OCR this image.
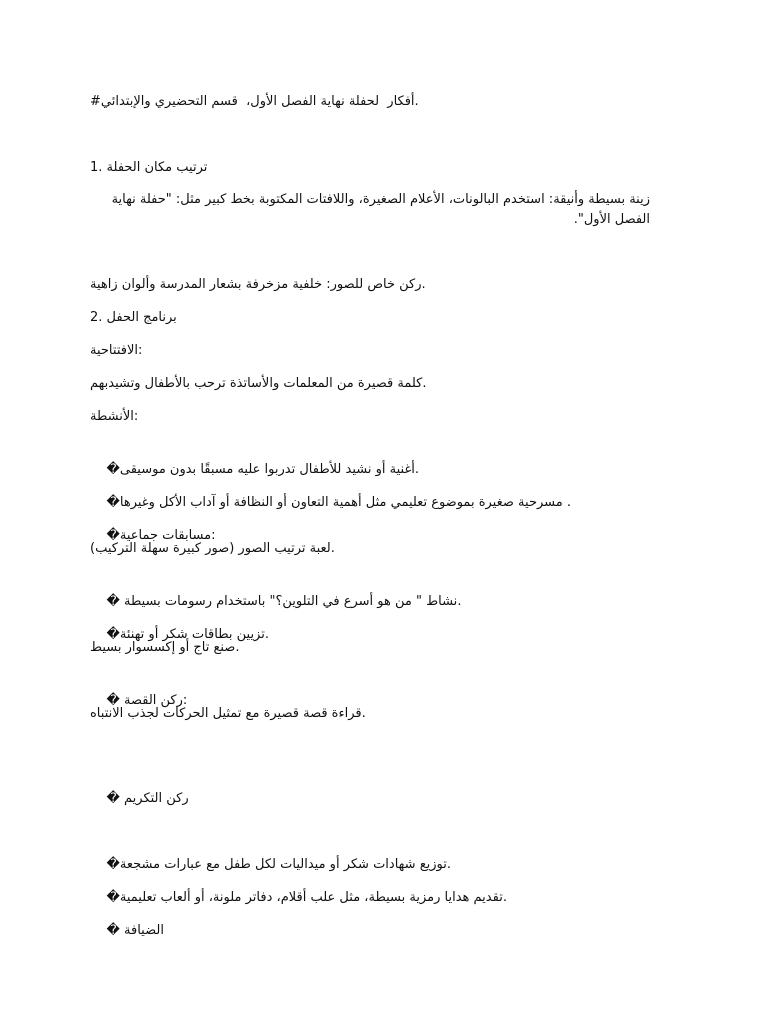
#أفكار  لحفلة نهاية الفصل الأول،  قسم التحضيري والإبتدائي.
1. ترتيب مكان الحفلة
زينة بسيطة وأنيقة: استخدم البالونات، الأعلام الصغيرة، واللافتات المكتوبة بخط كبير مثل: "حفلة نهاية الفصل الأول".
ركن خاص للصور: خلفية مزخرفة بشعار المدرسة وألوان زاهية.
2. برنامج الحفل
الافتتاحية:
كلمة قصيرة من المعلمات والأساتذة ترحب بالأطفال وتشيدبهم.
الأنشطة:

�أغنية أو نشيد للأطفال تدربوا عليه مسبقًا بدون موسيقى.

�مسرحية صغيرة بموضوع تعليمي مثل أهمية التعاون أو النظافة أو آداب الأكل وغيرها .

�مسابقات جماعية:

لعبة ترتيب الصور (صور كبيرة سهلة التركيب).

� نشاط " من هو أسرع في التلوين؟" باستخدام رسومات بسيطة.

�تزيين بطاقات شكر أو تهنئة.

صنع تاج أو إكسسوار بسيط.

� ركن القصة:

قراءة قصة قصيرة مع تمثيل الحركات لجذب الانتباه.

� ركن التكريم

�توزيع شهادات شكر أو ميداليات لكل طفل مع عبارات مشجعة.

�تقديم هدايا رمزية بسيطة، مثل علب أقلام، دفاتر ملونة، أو ألعاب تعليمية.

� الضيافة
